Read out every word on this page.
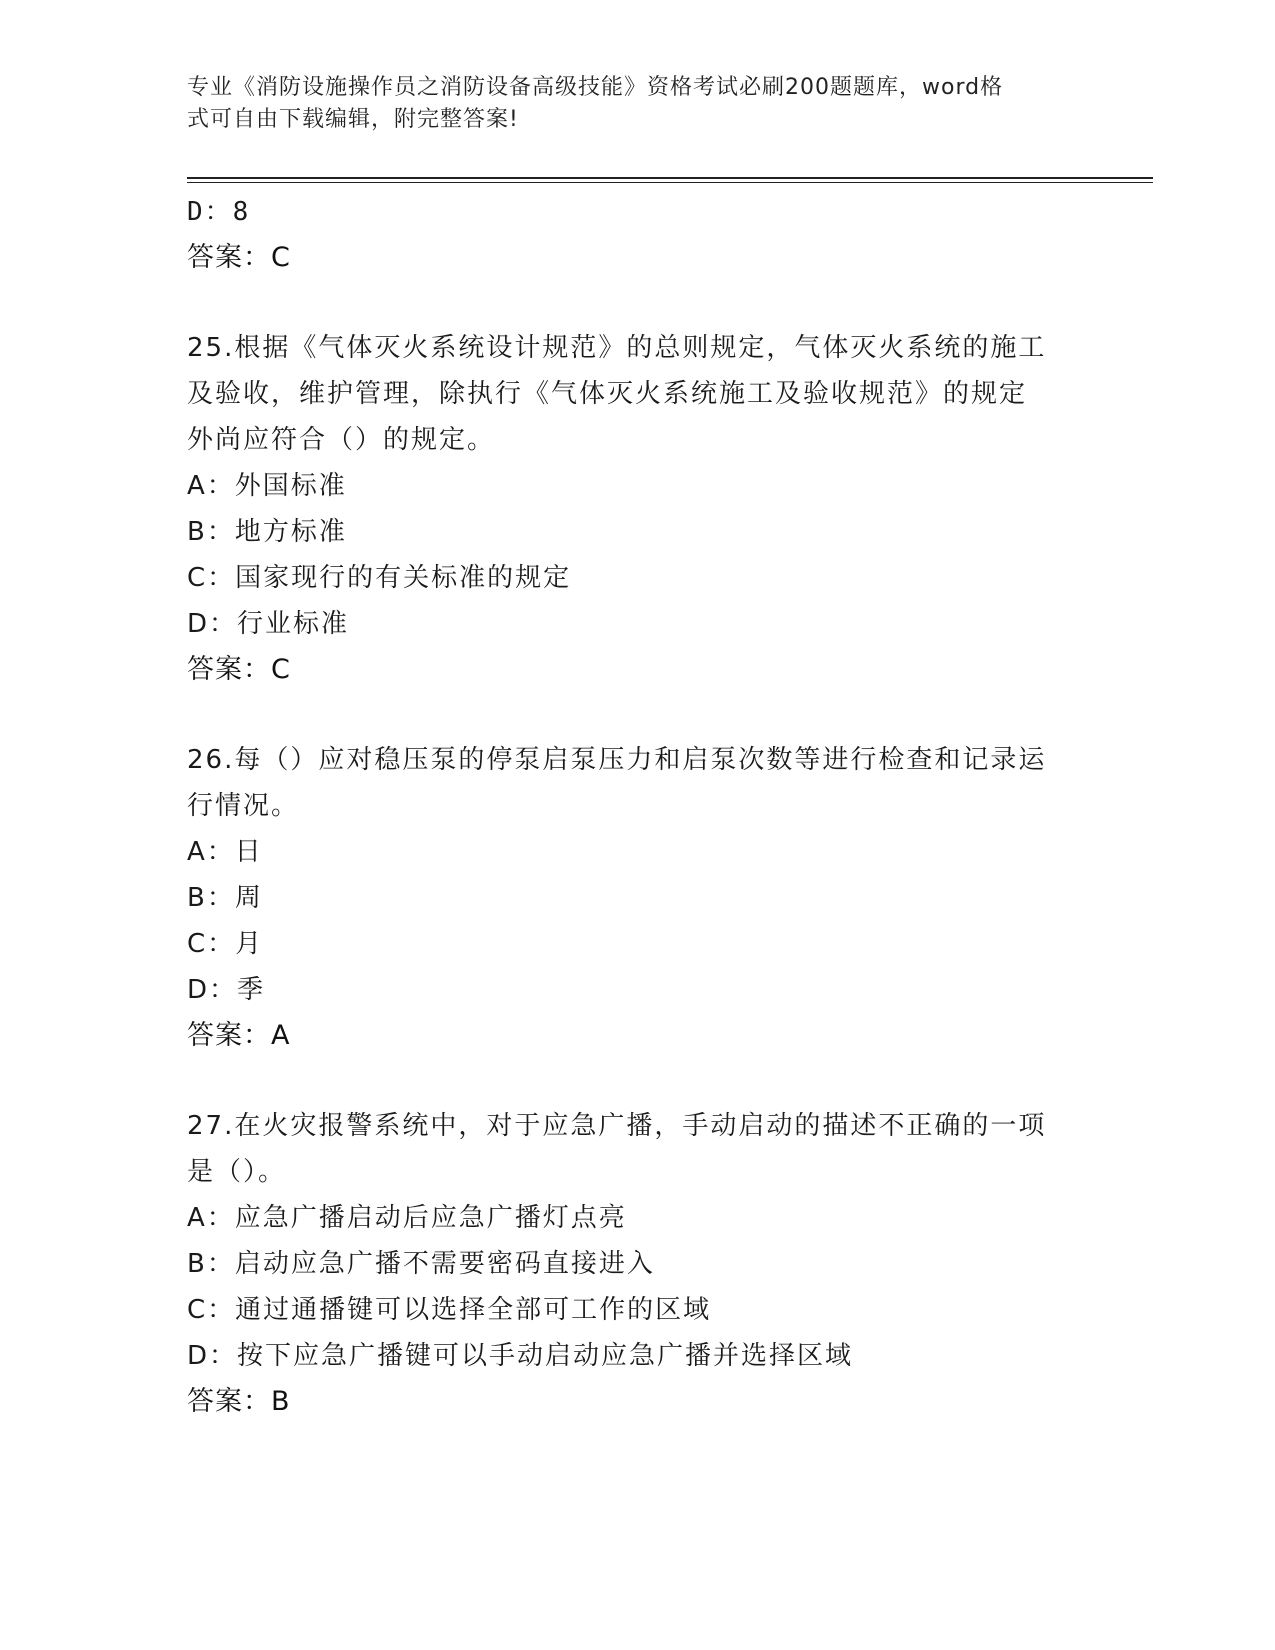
专业《消防设施操作员之消防设备高级技能》资格考试必刷200题题库，word格
式可自由下载编辑，附完整答案!
D：8
答案：C
25.根据《气体灭火系统设计规范》的总则规定，气体灭火系统的施工
及验收，维护管理，除执行《气体灭火系统施工及验收规范》的规定
外尚应符合（）的规定。
A：外国标准
B：地方标准
C：国家现行的有关标准的规定
D：行业标准
答案：C
26.每（）应对稳压泵的停泵启泵压力和启泵次数等进行检查和记录运
行情况。
A：日
B：周
C：月
D：季
答案：A
27.在火灾报警系统中，对于应急广播，手动启动的描述不正确的一项
是（）。
A：应急广播启动后应急广播灯点亮
B：启动应急广播不需要密码直接进入
C：通过通播键可以选择全部可工作的区域
D：按下应急广播键可以手动启动应急广播并选择区域
答案：B
